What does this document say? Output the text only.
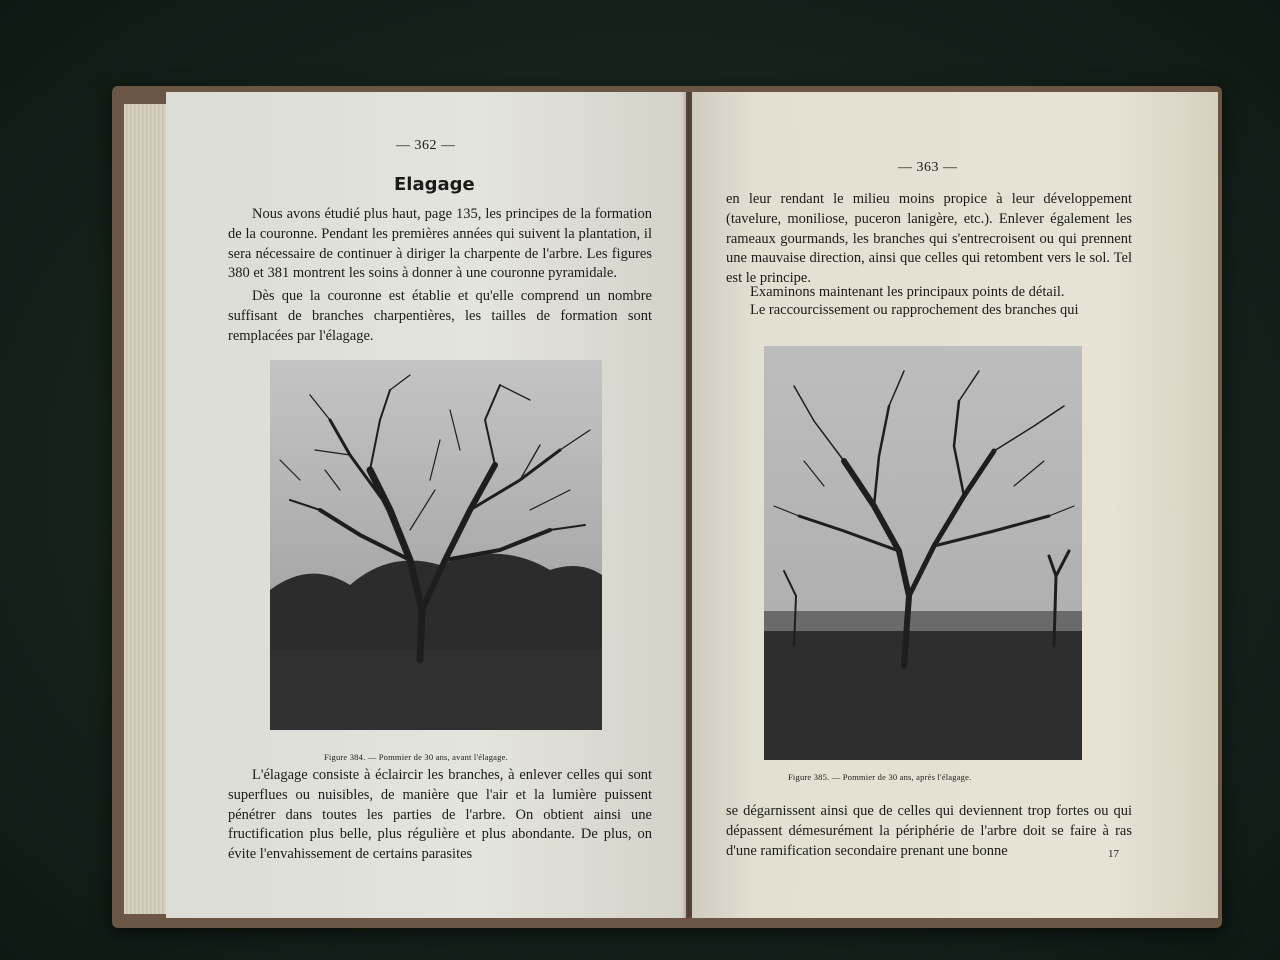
— 362 —
Elagage

Nous avons étudié plus haut, page 135, les principes de la formation de la couronne. Pendant les premières années qui suivent la plantation, il sera nécessaire de continuer à diriger la charpente de l'arbre. Les figures 380 et 381 montrent les soins à donner à une couronne pyramidale.

Dès que la couronne est établie et qu'elle comprend un nombre suffisant de branches charpentières, les tailles de formation sont remplacées par l'élagage.

Figure 384. — Pommier de 30 ans, avant l'élagage.

L'élagage consiste à éclaircir les branches, à enlever celles qui sont superflues ou nuisibles, de manière que l'air et la lumière puissent pénétrer dans toutes les parties de l'arbre. On obtient ainsi une fructification plus belle, plus régulière et plus abondante. De plus, on évite l'envahissement de certains parasites

— 363 —

en leur rendant le milieu moins propice à leur développement (tavelure, moniliose, puceron lanigère, etc.). Enlever également les rameaux gourmands, les branches qui s'entrecroisent ou qui prennent une mauvaise direction, ainsi que celles qui retombent vers le sol. Tel est le principe.

Examinons maintenant les principaux points de détail.

Le raccourcissement ou rapprochement des branches qui

Figure 385. — Pommier de 30 ans, après l'élagage.

se dégarnissent ainsi que de celles qui deviennent trop fortes ou qui dépassent démesurément la périphérie de l'arbre doit se faire à ras d'une ramification secondaire prenant une bonne	17
